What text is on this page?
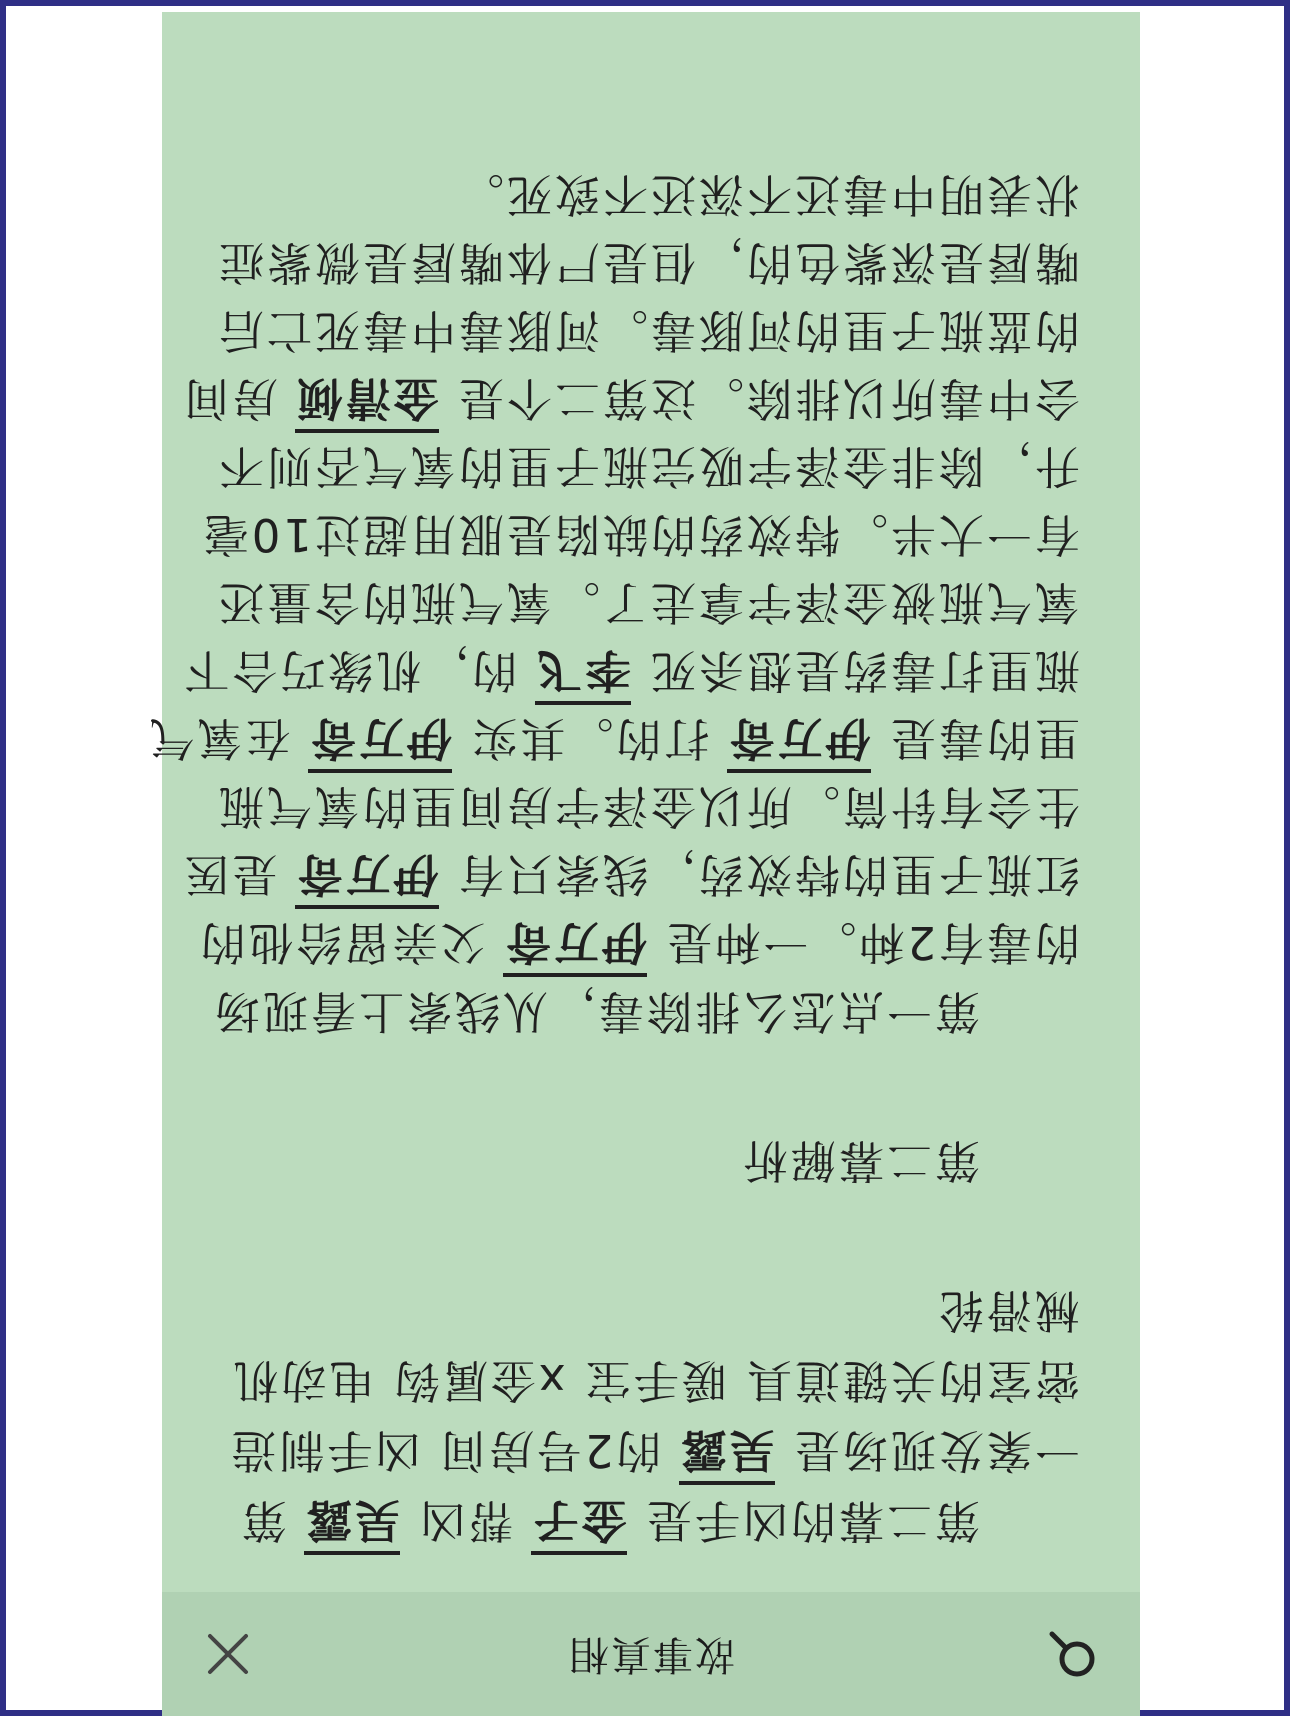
故事真相
第二幕的凶手是 金子 帮凶 吴露 第
一案发现场是 吴露 的2号房间 凶手制造
密室的关键道具 暖手宝 x金属钩 电动机
械滑轮
第二幕解析
第一点怎么排除毒，从线索上看现场
的毒有2种。一种是 伊万奇 父亲留给他的
红瓶子里的特效药，线索只有 伊万奇 是医
生会有针筒。所以金泽宇房间里的氧气瓶
里的毒是 伊万奇 打的。其实 伊万奇 在氧气
瓶里打毒药是想杀死 李飞 的，机缘巧合下
氧气瓶被金泽宇拿走了。氧气瓶的含量还
有一大半。特效药的缺陷是服用超过10毫
升，除非金泽宇吸完瓶子里的氧气否则不
会中毒所以排除。这第二个是 金清倾 房间
的蓝瓶子里的河豚毒。河豚毒中毒死亡后
嘴唇是深紫色的，但是尸体嘴唇是微紫症
状表明中毒还不深还不致死。
